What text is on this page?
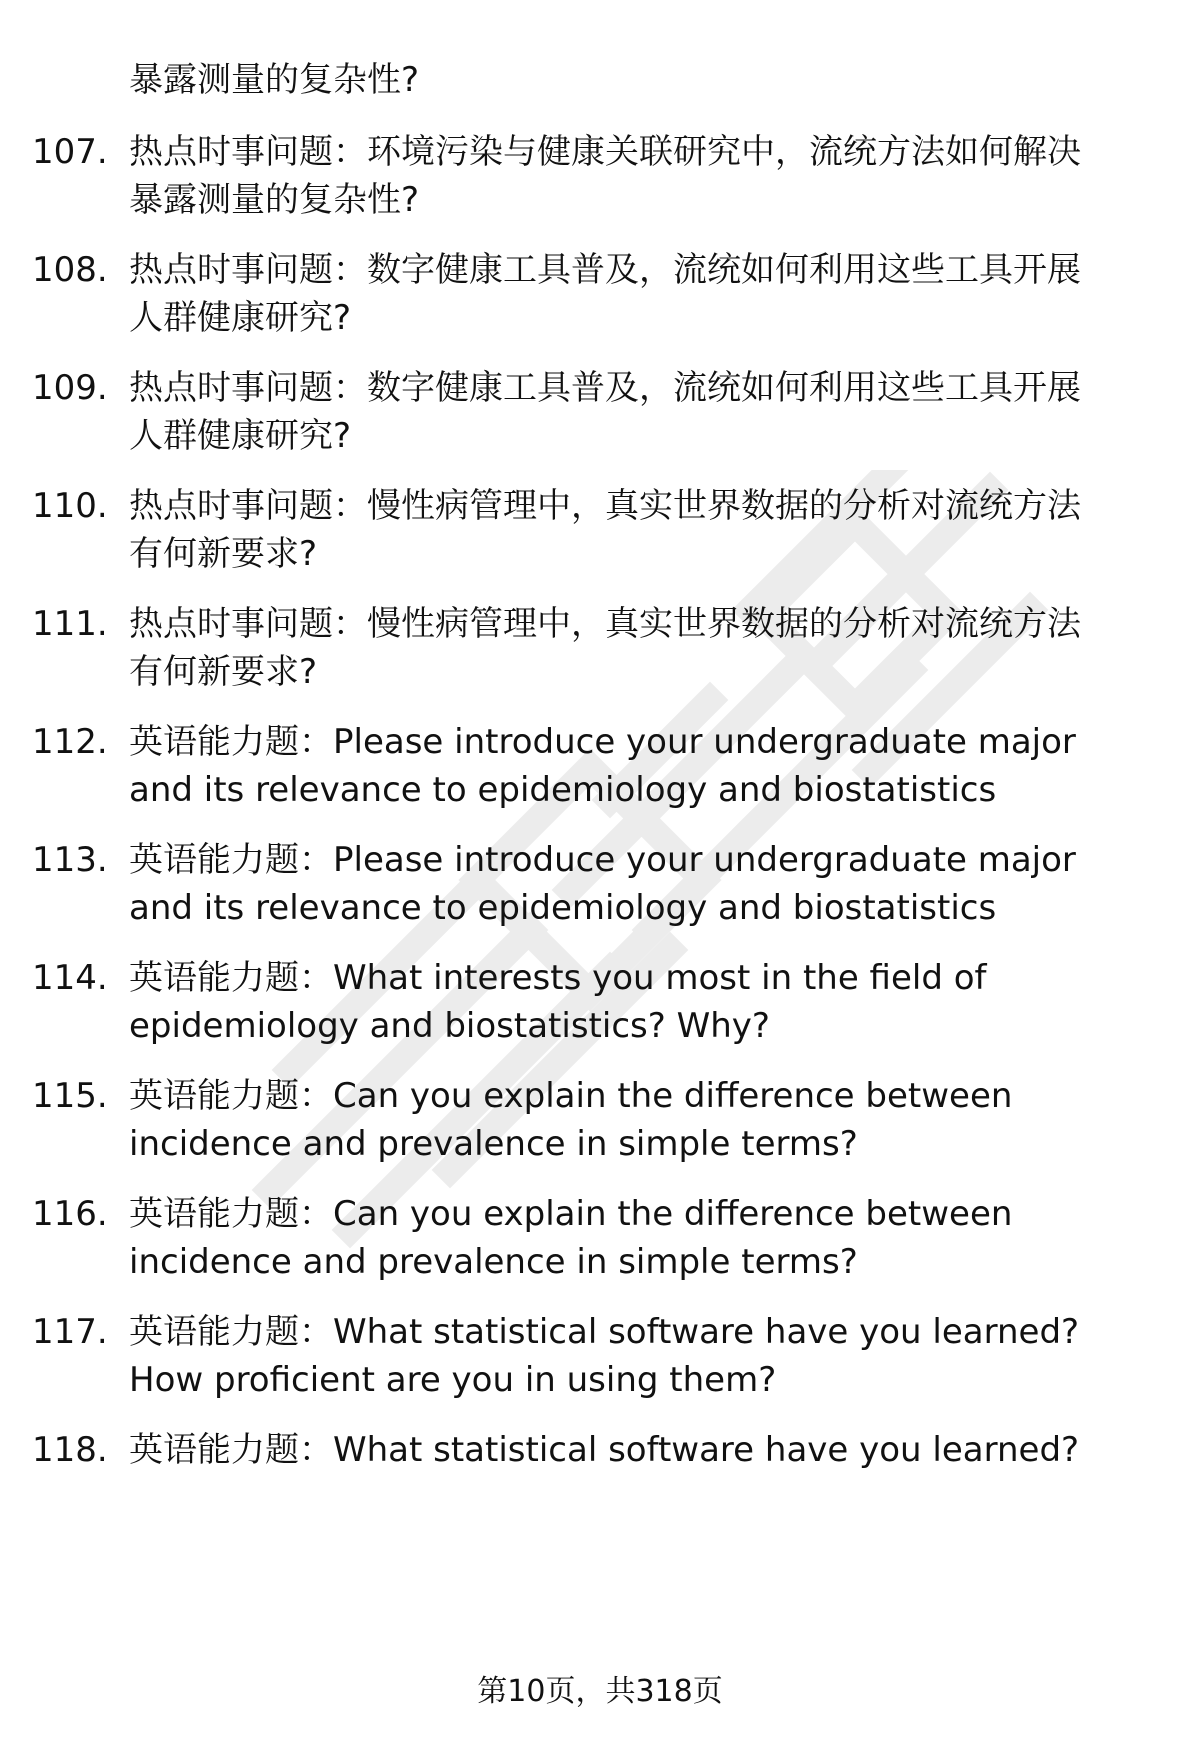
暴露测量的复杂性?
107. 热点时事问题：环境污染与健康关联研究中，流统方法如何解决
暴露测量的复杂性?
108. 热点时事问题：数字健康工具普及，流统如何利用这些工具开展
人群健康研究?
109. 热点时事问题：数字健康工具普及，流统如何利用这些工具开展
人群健康研究?
110. 热点时事问题：慢性病管理中，真实世界数据的分析对流统方法
有何新要求?
111. 热点时事问题：慢性病管理中，真实世界数据的分析对流统方法
有何新要求?
112. 英语能力题：Please introduce your undergraduate major
and its relevance to epidemiology and biostatistics
113. 英语能力题：Please introduce your undergraduate major
and its relevance to epidemiology and biostatistics
114. 英语能力题：What interests you most in the field of
epidemiology and biostatistics? Why?
115. 英语能力题：Can you explain the difference between
incidence and prevalence in simple terms?
116. 英语能力题：Can you explain the difference between
incidence and prevalence in simple terms?
117. 英语能力题：What statistical software have you learned?
How proficient are you in using them?
118. 英语能力题：What statistical software have you learned?
第10页，共318页
